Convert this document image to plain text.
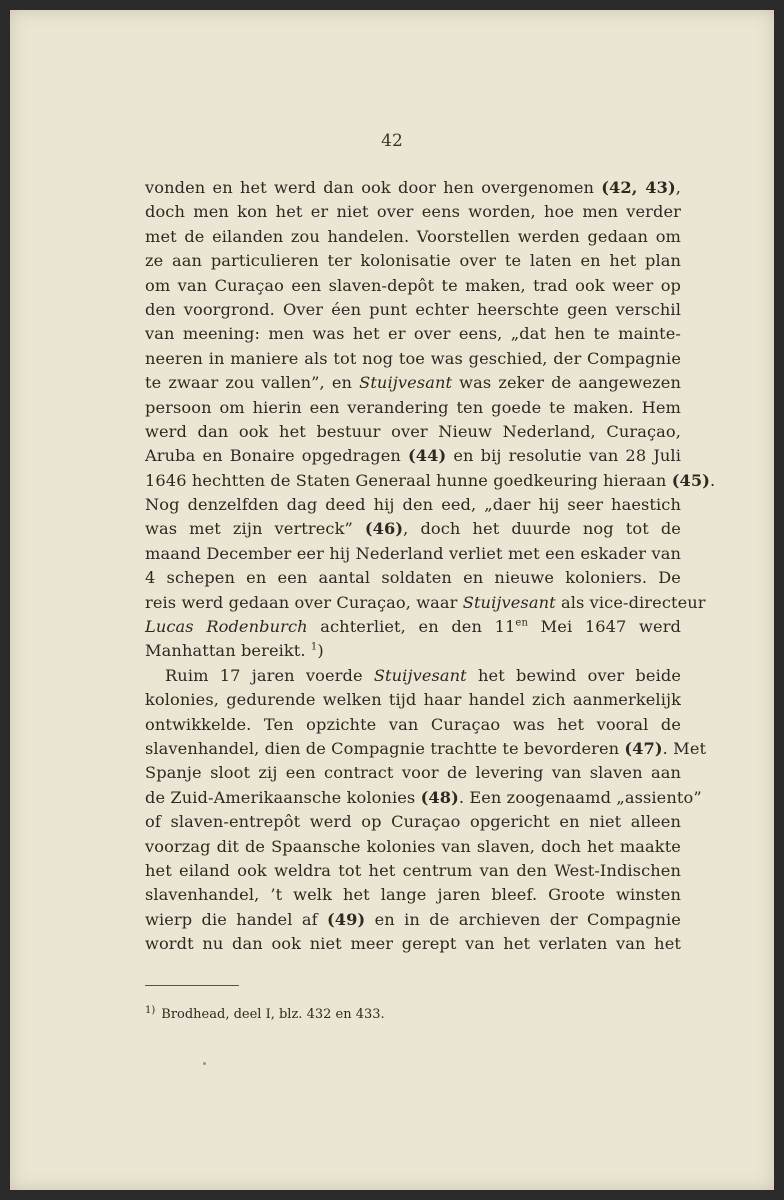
42
vonden en het werd dan ook door hen overgenomen (42, 43),
doch men kon het er niet over eens worden, hoe men verder
met de eilanden zou handelen. Voorstellen werden gedaan om
ze aan particulieren ter kolonisatie over te laten en het plan
om van Curaçao een slaven-depôt te maken, trad ook weer op
den voorgrond. Over éen punt echter heerschte geen verschil
van meening: men was het er over eens, „dat hen te mainte-
neeren in maniere als tot nog toe was geschied, der Compagnie
te zwaar zou vallen”, en Stuijvesant was zeker de aangewezen
persoon om hierin een verandering ten goede te maken. Hem
werd dan ook het bestuur over Nieuw Nederland, Curaçao,
Aruba en Bonaire opgedragen (44) en bij resolutie van 28 Juli
1646 hechtten de Staten Generaal hunne goedkeuring hieraan (45).
Nog denzelfden dag deed hij den eed, „daer hij seer haestich
was met zijn vertreck” (46), doch het duurde nog tot de
maand December eer hij Nederland verliet met een eskader van
4 schepen en een aantal soldaten en nieuwe koloniers. De
reis werd gedaan over Curaçao, waar Stuijvesant als vice-directeur
Lucas Rodenburch achterliet, en den $11^{en}$ Mei 1647 werd
Manhattan bereikt. $^1$)
Ruim 17 jaren voerde Stuijvesant het bewind over beide
kolonies, gedurende welken tijd haar handel zich aanmerkelijk
ontwikkelde. Ten opzichte van Curaçao was het vooral de
slavenhandel, dien de Compagnie trachtte te bevorderen (47). Met
Spanje sloot zij een contract voor de levering van slaven aan
de Zuid-Amerikaansche kolonies (48). Een zoogenaamd „assiento”
of slaven-entrepôt werd op Curaçao opgericht en niet alleen
voorzag dit de Spaansche kolonies van slaven, doch het maakte
het eiland ook weldra tot het centrum van den West-Indischen
slavenhandel, ’t welk het lange jaren bleef. Groote winsten
wierp die handel af (49) en in de archieven der Compagnie
wordt nu dan ook niet meer gerept van het verlaten van het
$^{1)}$ Brodhead, deel I, blz. 432 en 433.
